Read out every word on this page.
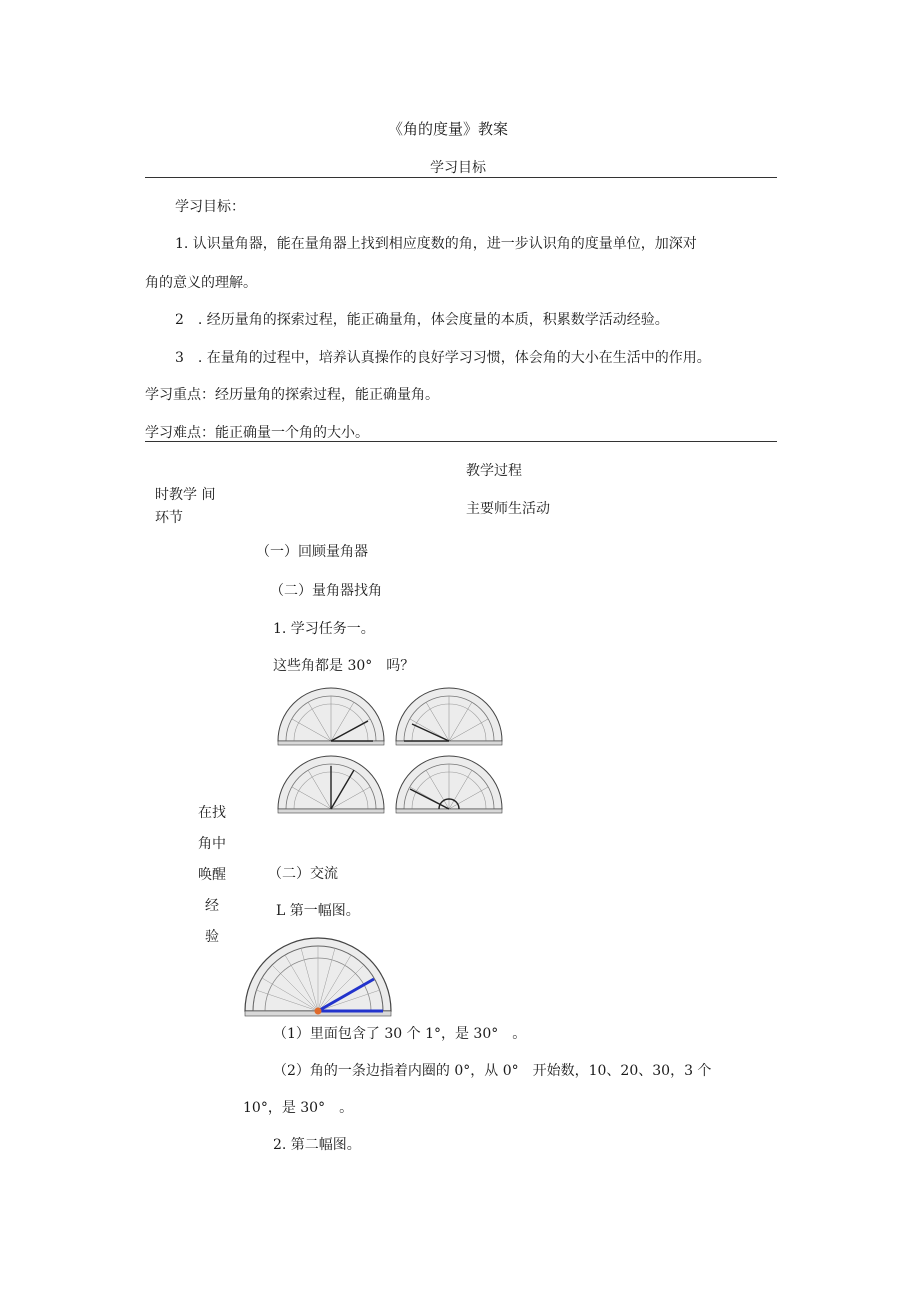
《角的度量》教案
学习目标
学习目标：
1. 认识量角器，能在量角器上找到相应度数的角，进一步认识角的度量单位，加深对
角的意义的理解。
2　. 经历量角的探索过程，能正确量角，体会度量的本质，积累数学活动经验。
3　. 在量角的过程中，培养认真操作的良好学习习惯，体会角的大小在生活中的作用。
学习重点：经历量角的探索过程，能正确量角。
学习难点：能正确量一个角的大小。
教学过程
时教学 间
主要师生活动
环节
在找
角中
唤醒
经
验
（一）回顾量角器
（二）量角器找角
1. 学习任务一。
这些角都是 30°　吗？
（二）交流
L 第一幅图。
（1）里面包含了 30 个 1°，是 30°　。
（2）角的一条边指着内圈的 0°，从 0°　开始数，10、20、30，3 个
10°，是 30°　。
2. 第二幅图。
